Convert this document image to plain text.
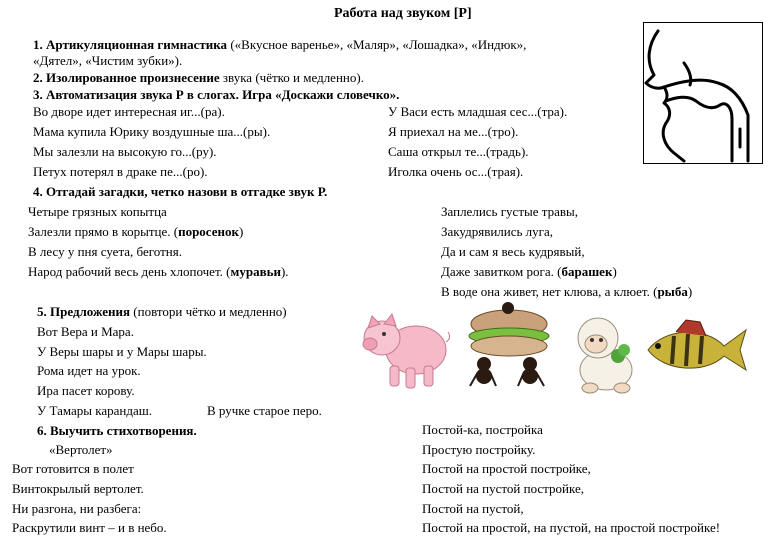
Работа над звуком [Р]
1. Артикуляционная гимнастика («Вкусное варенье», «Маляр», «Лошадка», «Индюк»,
«Дятел», «Чистим зубки»).
2. Изолированное произнесение звука (чётко и медленно).
3. Автоматизация звука Р в слогах. Игра «Доскажи словечко».
Во дворе идет интересная иг...(ра).
Мама купила Юрику воздушные ша...(ры).
Мы залезли на высокую го...(ру).
Петух потерял в драке пе...(ро).
У Васи есть младшая сес...(тра).
Я приехал на ме...(тро).
Саша открыл те...(традь).
Иголка очень ос...(трая).
4. Отгадай загадки, четко назови в отгадке звук Р.
Четыре грязных копытца
Залезли прямо в корытце. (поросенок)
В лесу у пня суета, беготня.
Народ рабочий весь день хлопочет. (муравьи).
Заплелись густые травы,
Закудрявились луга,
Да и сам я весь кудрявый,
Даже завитком рога. (барашек)
В воде она живет, нет клюва, а клюет. (рыба)
5. Предложения (повтори чётко и медленно)
Вот Вера и Мара.
У Веры шары и у Мары шары.
Рома идет на урок.
Ира пасет корову.
У Тамары карандаш.	В ручке старое перо.
6. Выучить стихотворения.
«Вертолет»
Вот готовится в полет
Винтокрылый вертолет.
Ни разгона, ни разбега:
Раскрутили винт – и в небо.
Постой-ка, постройка
Простую постройку.
Постой на простой постройке,
Постой на пустой постройке,
Постой на пустой,
Постой на простой, на пустой, на простой постройке!
